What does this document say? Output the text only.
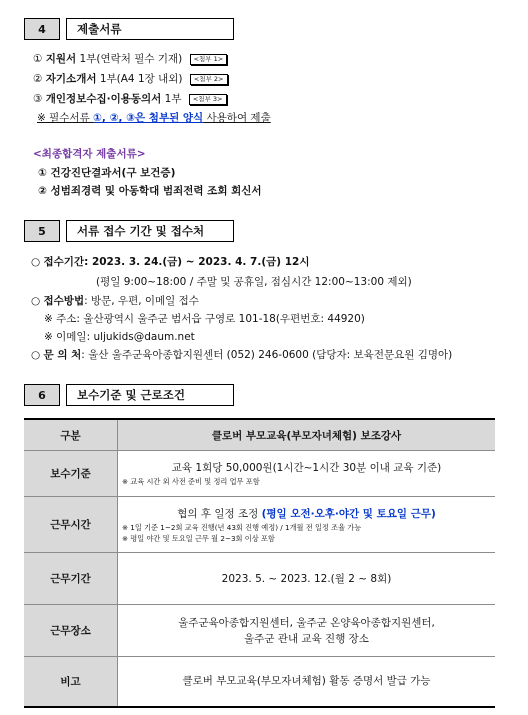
4	제출서류
① 지원서 1부(연락처 필수 기재) <첨부 1>
② 자기소개서 1부(A4 1장 내외) <첨부 2>
③ 개인정보수집·이용동의서 1부 <첨부 3>
※ 필수서류 ①, ②, ③은 첨부된 양식 사용하여 제출
<최종합격자 제출서류>
① 건강진단결과서(구 보건증)
② 성범죄경력 및 아동학대 범죄전력 조회 회신서
5	서류 접수 기간 및 접수처
○ 접수기간: 2023. 3. 24.(금) ~ 2023. 4. 7.(금) 12시
(평일 9:00~18:00 / 주말 및 공휴일, 점심시간 12:00~13:00 제외)
○ 접수방법: 방문, 우편, 이메일 접수
※ 주소: 울산광역시 울주군 범서읍 구영로 101-18(우편번호: 44920)
※ 이메일: uljukids@daum.net
○ 문 의 처: 울산 울주군육아종합지원센터 (052) 246-0600 (담당자: 보육전문요원 김명아)
6	보수기준 및 근로조건
구분	클로버 부모교육(부모자녀체험) 보조강사
보수기준	교육 1회당 50,000원(1시간~1시간 30분 이내 교육 기준)
※ 교육 시간 외 사전 준비 및 정리 업무 포함

근무시간	협의 후 일정 조정 (평일 오전·오후·야간 및 토요일 근무)
※ 1일 기준 1~2회 교육 진행(년 43회 진행 예정) / 1개월 전 일정 조율 가능
※ 평일 야간 및 토요일 근무 월 2~3회 이상 포함

근무기간	2023. 5. ~ 2023. 12.(월 2 ~ 8회)
근무장소	울주군육아종합지원센터, 울주군 온양육아종합지원센터,
울주군 관내 교육 진행 장소

비고	클로버 부모교육(부모자녀체험) 활동 증명서 발급 가능
